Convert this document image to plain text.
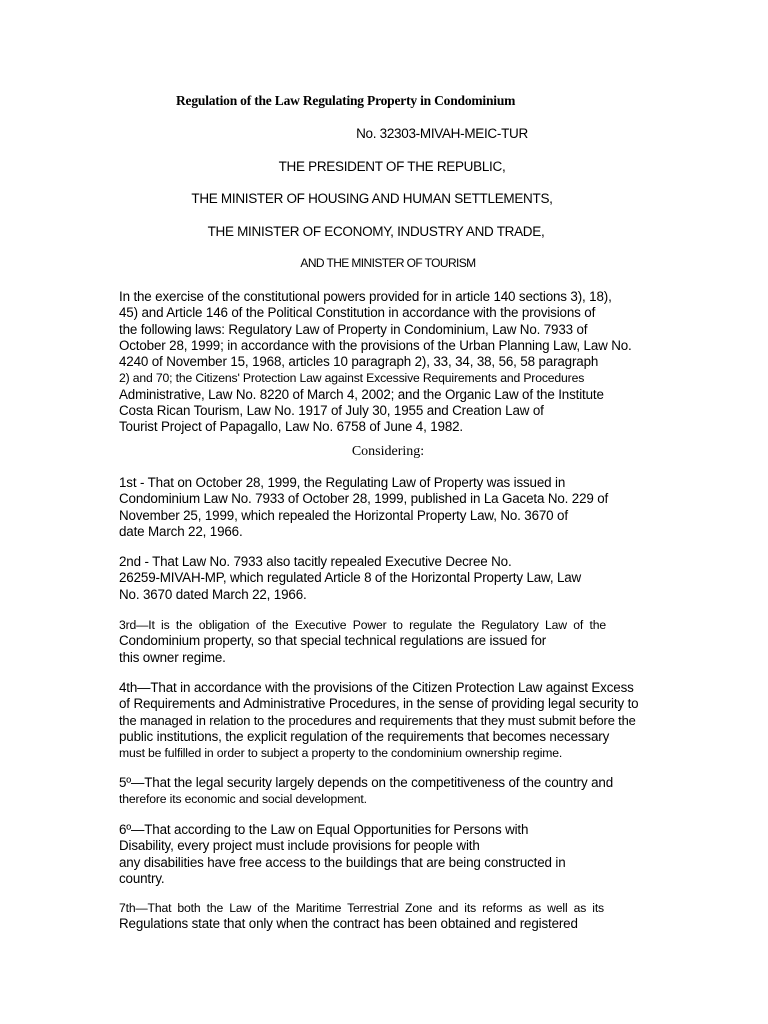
Regulation of the Law Regulating Property in Condominium
No. 32303-MIVAH-MEIC-TUR
THE PRESIDENT OF THE REPUBLIC,
THE MINISTER OF HOUSING AND HUMAN SETTLEMENTS,
THE MINISTER OF ECONOMY, INDUSTRY AND TRADE,
AND THE MINISTER OF TOURISM
In the exercise of the constitutional powers provided for in article 140 sections 3), 18),
45) and Article 146 of the Political Constitution in accordance with the provisions of
the following laws: Regulatory Law of Property in Condominium, Law No. 7933 of
October 28, 1999; in accordance with the provisions of the Urban Planning Law, Law No.
4240 of November 15, 1968, articles 10 paragraph 2), 33, 34, 38, 56, 58 paragraph
2) and 70; the Citizens' Protection Law against Excessive Requirements and Procedures
Administrative, Law No. 8220 of March 4, 2002; and the Organic Law of the Institute
Costa Rican Tourism, Law No. 1917 of July 30, 1955 and Creation Law of
Tourist Project of Papagallo, Law No. 6758 of June 4, 1982.
Considering:
1st - That on October 28, 1999, the Regulating Law of Property was issued in
Condominium Law No. 7933 of October 28, 1999, published in La Gaceta No. 229 of
November 25, 1999, which repealed the Horizontal Property Law, No. 3670 of
date March 22, 1966.
2nd - That Law No. 7933 also tacitly repealed Executive Decree No.
26259-MIVAH-MP, which regulated Article 8 of the Horizontal Property Law, Law
No. 3670 dated March 22, 1966.
3rd—It is the obligation of the Executive Power to regulate the Regulatory Law of the
Condominium property, so that special technical regulations are issued for
this owner regime.
4th—That in accordance with the provisions of the Citizen Protection Law against Excess
of Requirements and Administrative Procedures, in the sense of providing legal security to
the managed in relation to the procedures and requirements that they must submit before the
public institutions, the explicit regulation of the requirements that becomes necessary
must be fulfilled in order to subject a property to the condominium ownership regime.
5º—That the legal security largely depends on the competitiveness of the country and
therefore its economic and social development.
6º—That according to the Law on Equal Opportunities for Persons with
Disability, every project must include provisions for people with
any disabilities have free access to the buildings that are being constructed in
country.
7th—That both the Law of the Maritime Terrestrial Zone and its reforms as well as its
Regulations state that only when the contract has been obtained and registered
